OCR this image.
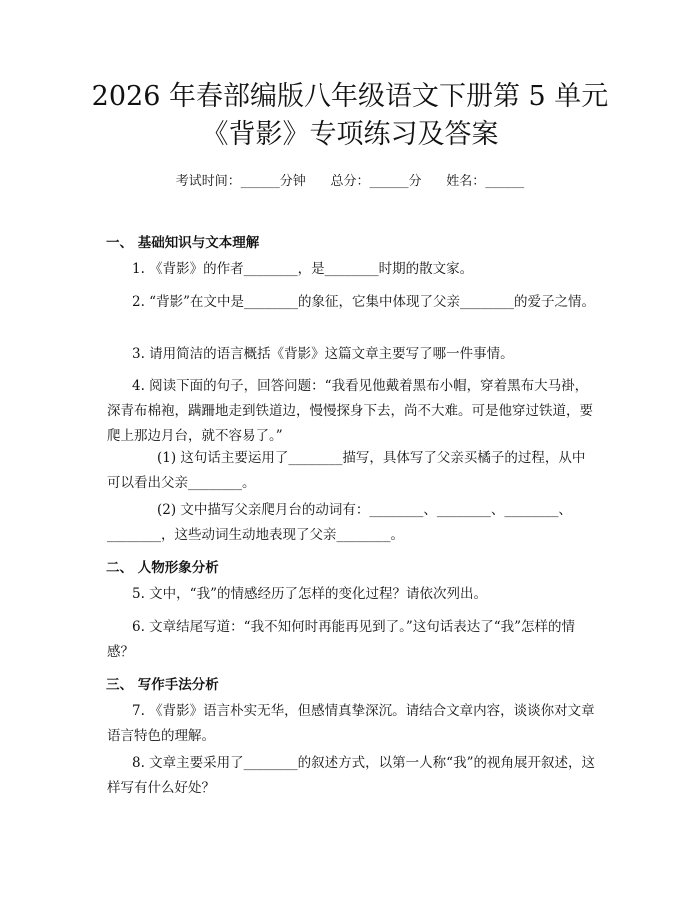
2026 年春部编版八年级语文下册第 5 单元
《背影》专项练习及答案
考试时间：______分钟      总分：______分      姓名：______
一、 基础知识与文本理解

1. 《背影》的作者________，是________时期的散文家。

2. “背影”在文中是________的象征，它集中体现了父亲________的爱子之情。

3. 请用简洁的语言概括《背影》这篇文章主要写了哪一件事情。

4. 阅读下面的句子，回答问题：“我看见他戴着黑布小帽，穿着黑布大马褂，深青布棉袍，蹒跚地走到铁道边，慢慢探身下去，尚不大难。可是他穿过铁道，要爬上那边月台，就不容易了。”

(1) 这句话主要运用了________描写，具体写了父亲买橘子的过程，从中可以看出父亲________。

(2) 文中描写父亲爬月台的动词有：________、________、________、________，这些动词生动地表现了父亲________。

二、 人物形象分析

5. 文中，“我”的情感经历了怎样的变化过程？请依次列出。

6. 文章结尾写道：“我不知何时再能再见到了。”这句话表达了“我”怎样的情感？

三、 写作手法分析

7. 《背影》语言朴实无华，但感情真挚深沉。请结合文章内容，谈谈你对文章语言特色的理解。

8. 文章主要采用了________的叙述方式，以第一人称“我”的视角展开叙述，这样写有什么好处？
